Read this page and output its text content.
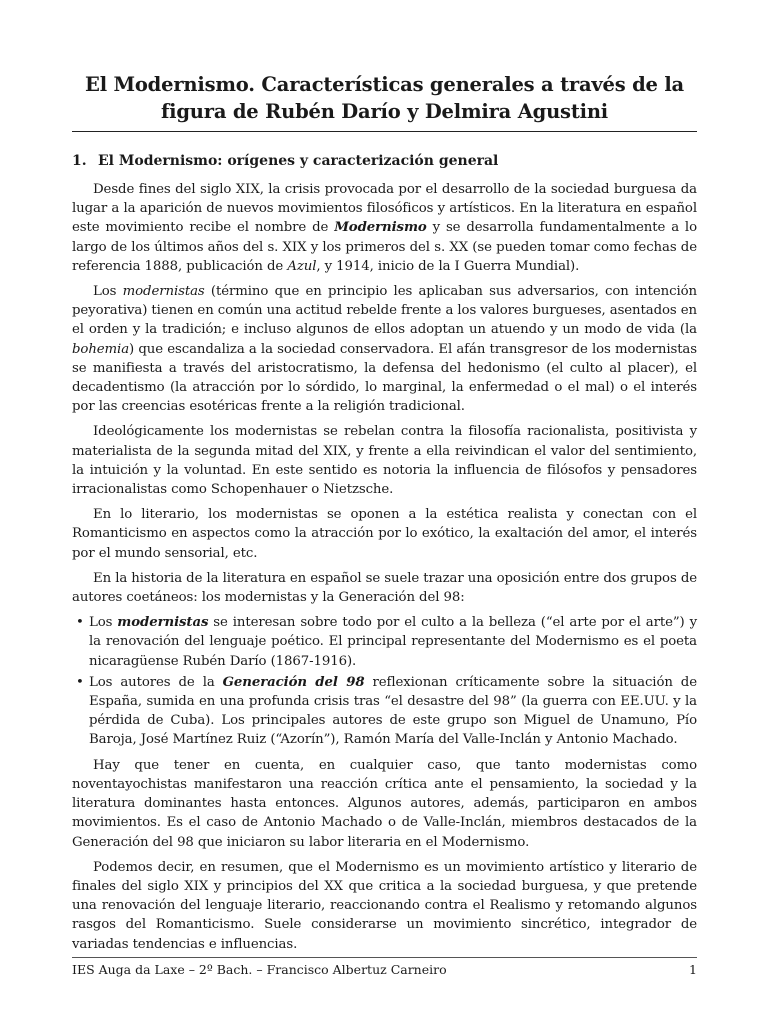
El Modernismo. Características generales a través de la figura de Rubén Darío y Delmira Agustini
1. El Modernismo: orígenes y caracterización general

Desde fines del siglo XIX, la crisis provocada por el desarrollo de la sociedad burguesa da lugar a la aparición de nuevos movimientos filosóficos y artísticos. En la literatura en español este movimiento recibe el nombre de Modernismo y se desarrolla fundamentalmente a lo largo de los últimos años del s. XIX y los primeros del s. XX (se pueden tomar como fechas de referencia 1888, publicación de Azul, y 1914, inicio de la I Guerra Mundial).

Los modernistas (término que en principio les aplicaban sus adversarios, con intención peyorativa) tienen en común una actitud rebelde frente a los valores burgueses, asentados en el orden y la tradición; e incluso algunos de ellos adoptan un atuendo y un modo de vida (la bohemia) que escandaliza a la sociedad conservadora. El afán transgresor de los modernistas se manifiesta a través del aristocratismo, la defensa del hedonismo (el culto al placer), el decadentismo (la atracción por lo sórdido, lo marginal, la enfermedad o el mal) o el interés por las creencias esotéricas frente a la religión tradicional.

Ideológicamente los modernistas se rebelan contra la filosofía racionalista, positivista y materialista de la segunda mitad del XIX, y frente a ella reivindican el valor del sentimiento, la intuición y la voluntad. En este sentido es notoria la influencia de filósofos y pensadores irracionalistas como Schopenhauer o Nietzsche.

En lo literario, los modernistas se oponen a la estética realista y conectan con el Romanticismo en aspectos como la atracción por lo exótico, la exaltación del amor, el interés por el mundo sensorial, etc.

En la historia de la literatura en español se suele trazar una oposición entre dos grupos de autores coetáneos: los modernistas y la Generación del 98:

• Los modernistas se interesan sobre todo por el culto a la belleza (“el arte por el arte”) y la renovación del lenguaje poético. El principal representante del Modernismo es el poeta nicaragüense Rubén Darío (1867-1916).
• Los autores de la Generación del 98 reflexionan críticamente sobre la situación de España, sumida en una profunda crisis tras “el desastre del 98” (la guerra con EE.UU. y la pérdida de Cuba). Los principales autores de este grupo son Miguel de Unamuno, Pío Baroja, José Martínez Ruiz (“Azorín”), Ramón María del Valle-Inclán y Antonio Machado.

Hay que tener en cuenta, en cualquier caso, que tanto modernistas como noventayochistas manifestaron una reacción crítica ante el pensamiento, la sociedad y la literatura dominantes hasta entonces. Algunos autores, además, participaron en ambos movimientos. Es el caso de Antonio Machado o de Valle-Inclán, miembros destacados de la Generación del 98 que iniciaron su labor literaria en el Modernismo.

Podemos decir, en resumen, que el Modernismo es un movimiento artístico y literario de finales del siglo XIX y principios del XX que critica a la sociedad burguesa, y que pretende una renovación del lenguaje literario, reaccionando contra el Realismo y retomando algunos rasgos del Romanticismo. Suele considerarse un movimiento sincrético, integrador de variadas tendencias e influencias.

IES Auga da Laxe – 2º Bach. – Francisco Albertuz Carneiro	1
